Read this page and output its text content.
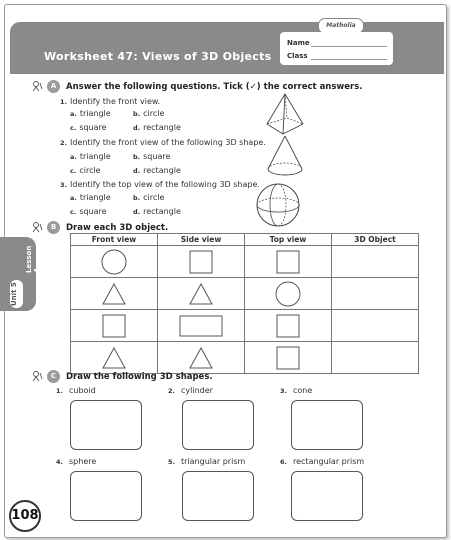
Matholia
Worksheet 47: Views of 3D Objects
Name
Class
Lesson 4
Unit 5
A	Answer the following questions. Tick (✓) the correct answers.
1. Identify the front view.
a. triangle	b. circle
c. square	d. rectangle
2. Identify the front view of the following 3D shape.
a. triangle	b. square
c. circle	d. rectangle
3. Identify the top view of the following 3D shape.
a. triangle	b. circle
c. square	d. rectangle
B	Draw each 3D object.
Front view	Side view	Top view	3D Object

C	Draw the following 3D shapes.
1. cuboid	2. cylinder	3. cone
4. sphere	5. triangular prism	6. rectangular prism
108
